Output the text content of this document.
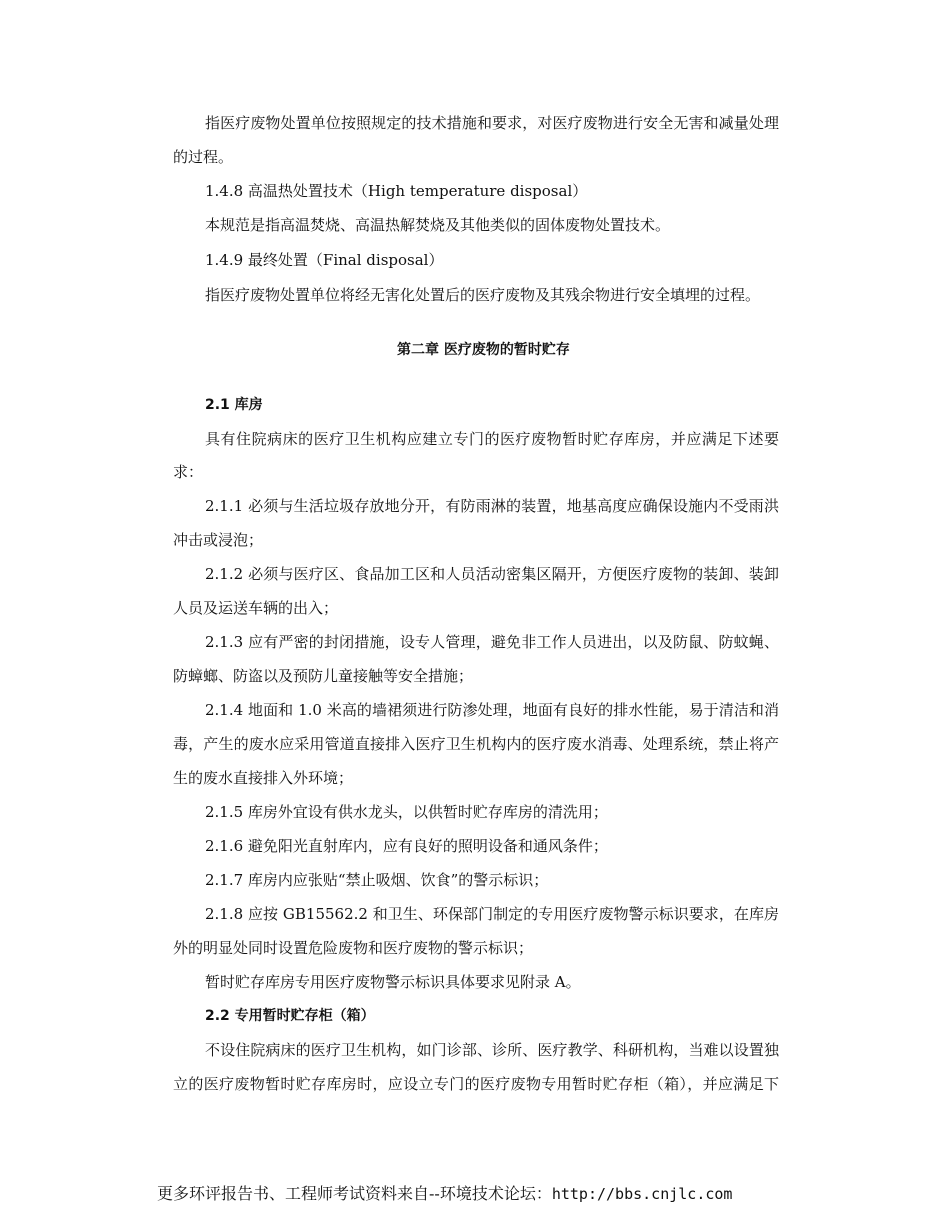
指医疗废物处置单位按照规定的技术措施和要求，对医疗废物进行安全无害和减量处理
的过程。
1.4.8 高温热处置技术（High temperature disposal）
本规范是指高温焚烧、高温热解焚烧及其他类似的固体废物处置技术。
1.4.9 最终处置（Final disposal）
指医疗废物处置单位将经无害化处置后的医疗废物及其残余物进行安全填埋的过程。
第二章 医疗废物的暂时贮存
2.1 库房
具有住院病床的医疗卫生机构应建立专门的医疗废物暂时贮存库房，并应满足下述要
求：
2.1.1 必须与生活垃圾存放地分开，有防雨淋的装置，地基高度应确保设施内不受雨洪
冲击或浸泡；
2.1.2 必须与医疗区、食品加工区和人员活动密集区隔开，方便医疗废物的装卸、装卸
人员及运送车辆的出入；
2.1.3 应有严密的封闭措施，设专人管理，避免非工作人员进出，以及防鼠、防蚊蝇、
防蟑螂、防盗以及预防儿童接触等安全措施；
2.1.4 地面和 1.0 米高的墙裙须进行防渗处理，地面有良好的排水性能，易于清洁和消
毒，产生的废水应采用管道直接排入医疗卫生机构内的医疗废水消毒、处理系统，禁止将产
生的废水直接排入外环境；
2.1.5 库房外宜设有供水龙头，以供暂时贮存库房的清洗用；
2.1.6 避免阳光直射库内，应有良好的照明设备和通风条件；
2.1.7 库房内应张贴“禁止吸烟、饮食”的警示标识；
2.1.8 应按 GB15562.2 和卫生、环保部门制定的专用医疗废物警示标识要求，在库房
外的明显处同时设置危险废物和医疗废物的警示标识；
暂时贮存库房专用医疗废物警示标识具体要求见附录 A。
2.2 专用暂时贮存柜（箱）
不设住院病床的医疗卫生机构，如门诊部、诊所、医疗教学、科研机构，当难以设置独
立的医疗废物暂时贮存库房时，应设立专门的医疗废物专用暂时贮存柜（箱），并应满足下
更多环评报告书、工程师考试资料来自--环境技术论坛：http://bbs.cnjlc.com
